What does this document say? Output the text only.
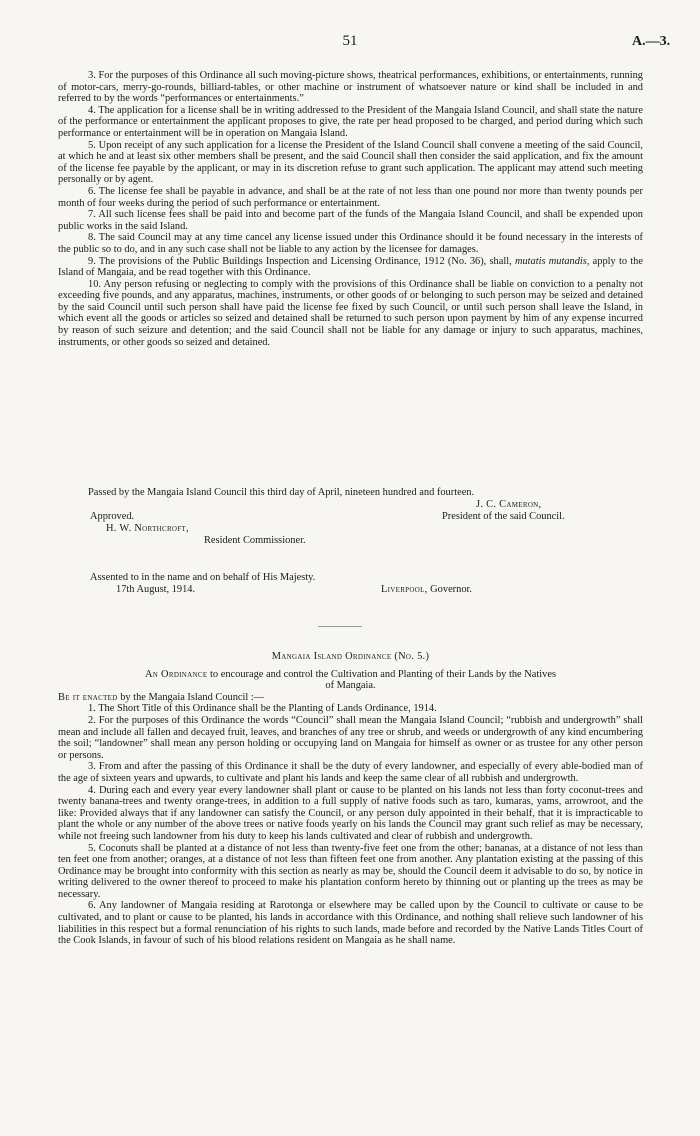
51	A.—3.

3. For the purposes of this Ordinance all such moving-picture shows, theatrical performances, exhibitions, or entertainments, running of motor-cars, merry-go-rounds, billiard-tables, or other machine or instrument of whatsoever nature or kind shall be included in and referred to by the words “performances or entertainments.”

4. The application for a license shall be in writing addressed to the President of the Mangaia Island Council, and shall state the nature of the performance or entertainment the applicant proposes to give, the rate per head proposed to be charged, and period during which such performance or entertainment will be in operation on Mangaia Island.

5. Upon receipt of any such application for a license the President of the Island Council shall convene a meeting of the said Council, at which he and at least six other members shall be present, and the said Council shall then consider the said application, and fix the amount of the license fee payable by the applicant, or may in its discretion refuse to grant such application. The applicant may attend such meeting personally or by agent.

6. The license fee shall be payable in advance, and shall be at the rate of not less than one pound nor more than twenty pounds per month of four weeks during the period of such performance or entertainment.

7. All such license fees shall be paid into and become part of the funds of the Mangaia Island Council, and shall be expended upon public works in the said Island.

8. The said Council may at any time cancel any license issued under this Ordinance should it be found necessary in the interests of the public so to do, and in any such case shall not be liable to any action by the licensee for damages.

9. The provisions of the Public Buildings Inspection and Licensing Ordinance, 1912 (No. 36), shall, mutatis mutandis, apply to the Island of Mangaia, and be read together with this Ordinance.

10. Any person refusing or neglecting to comply with the provisions of this Ordinance shall be liable on conviction to a penalty not exceeding five pounds, and any apparatus, machines, instruments, or other goods of or belonging to such person may be seized and detained by the said Council until such person shall have paid the license fee fixed by such Council, or until such person shall leave the Island, in which event all the goods or articles so seized and detained shall be returned to such person upon payment by him of any expense incurred by reason of such seizure and detention; and the said Council shall not be liable for any damage or injury to such apparatus, machines, instruments, or other goods so seized and detained.

Passed by the Mangaia Island Council this third day of April, nineteen hundred and fourteen.
J. C. Cameron,
President of the said Council.
Approved.
H. W. Northcroft,
Resident Commissioner.
Assented to in the name and on behalf of His Majesty.
17th August, 1914.	Liverpool, Governor.
Mangaia Island Ordinance (No. 5.)
An Ordinance to encourage and control the Cultivation and Planting of their Lands by the Natives
of Mangaia.

Be it enacted by the Mangaia Island Council :—

1. The Short Title of this Ordinance shall be the Planting of Lands Ordinance, 1914.

2. For the purposes of this Ordinance the words “Council” shall mean the Mangaia Island Council; “rubbish and undergrowth” shall mean and include all fallen and decayed fruit, leaves, and branches of any tree or shrub, and weeds or undergrowth of any kind encumbering the soil; “landowner” shall mean any person holding or occupying land on Mangaia for himself as owner or as trustee for any other person or persons.

3. From and after the passing of this Ordinance it shall be the duty of every landowner, and especially of every able-bodied man of the age of sixteen years and upwards, to cultivate and plant his lands and keep the same clear of all rubbish and undergrowth.

4. During each and every year every landowner shall plant or cause to be planted on his lands not less than forty coconut-trees and twenty banana-trees and twenty orange-trees, in addition to a full supply of native foods such as taro, kumaras, yams, arrowroot, and the like: Provided always that if any landowner can satisfy the Council, or any person duly appointed in their behalf, that it is impracticable to plant the whole or any number of the above trees or native foods yearly on his lands the Council may grant such relief as may be necessary, while not freeing such landowner from his duty to keep his lands cultivated and clear of rubbish and undergrowth.

5. Coconuts shall be planted at a distance of not less than twenty-five feet one from the other; bananas, at a distance of not less than ten feet one from another; oranges, at a distance of not less than fifteen feet one from another. Any plantation existing at the passing of this Ordinance may be brought into conformity with this section as nearly as may be, should the Council deem it advisable to do so, by notice in writing delivered to the owner thereof to proceed to make his plantation conform hereto by thinning out or planting up the trees as may be necessary.

6. Any landowner of Mangaia residing at Rarotonga or elsewhere may be called upon by the Council to cultivate or cause to be cultivated, and to plant or cause to be planted, his lands in accordance with this Ordinance, and nothing shall relieve such landowner of his liabilities in this respect but a formal renunciation of his rights to such lands, made before and recorded by the Native Lands Titles Court of the Cook Islands, in favour of such of his blood relations resident on Mangaia as he shall name.
